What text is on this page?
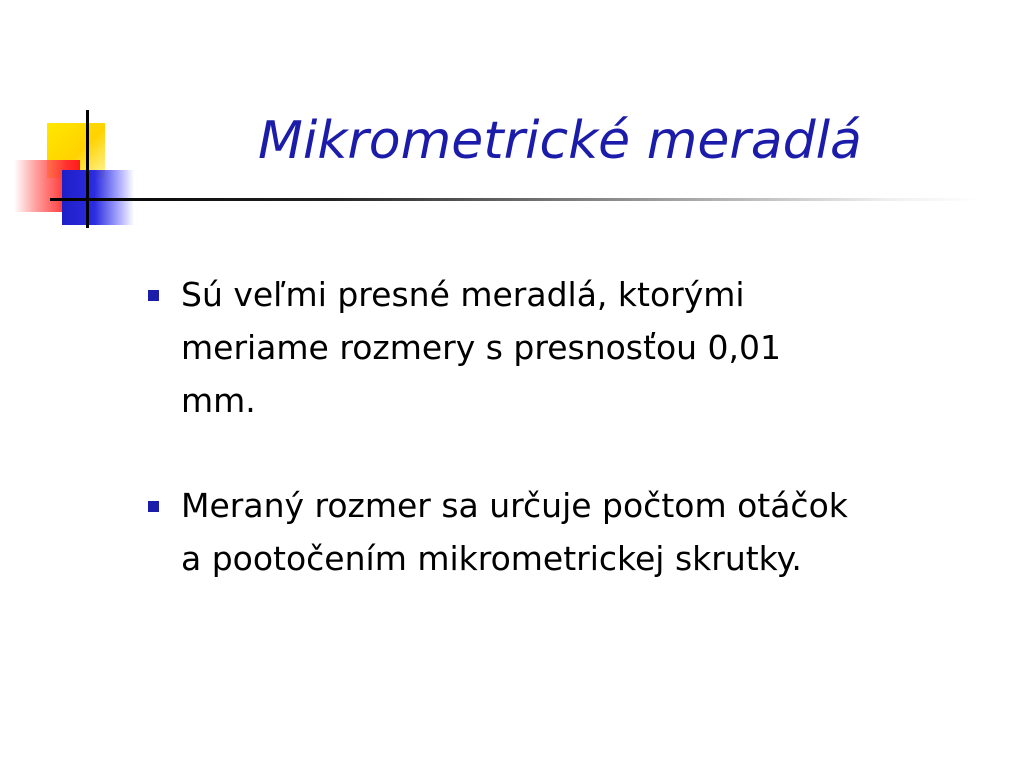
Mikrometrické meradlá
Sú veľmi presné meradlá, ktorými
meriame rozmery s presnosťou 0,01
mm.
Meraný rozmer sa určuje počtom otáčok
a pootočením mikrometrickej skrutky.
